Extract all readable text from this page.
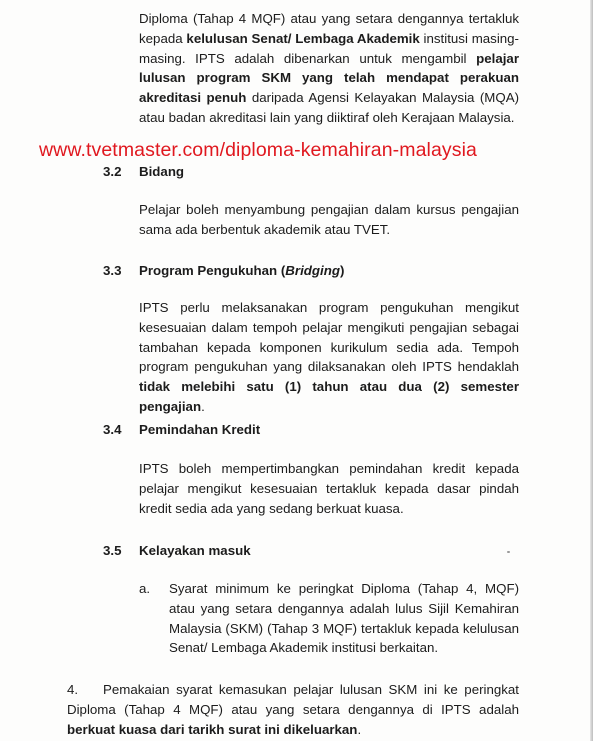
Diploma (Tahap 4 MQF) atau yang setara dengannya tertakluk kepada kelulusan Senat/ Lembaga Akademik institusi masing-masing. IPTS adalah dibenarkan untuk mengambil pelajar lulusan program SKM yang telah mendapat perakuan akreditasi penuh daripada Agensi Kelayakan Malaysia (MQA) atau badan akreditasi lain yang diiktiraf oleh Kerajaan Malaysia.

www.tvetmaster.com/diploma-kemahiran-malaysia
3.2	Bidang

Pelajar boleh menyambung pengajian dalam kursus pengajian sama ada berbentuk akademik atau TVET.

3.3	Program Pengukuhan (Bridging)

IPTS perlu melaksanakan program pengukuhan mengikut kesesuaian dalam tempoh pelajar mengikuti pengajian sebagai tambahan kepada komponen kurikulum sedia ada. Tempoh program pengukuhan yang dilaksanakan oleh IPTS hendaklah tidak melebihi satu (1) tahun atau dua (2) semester pengajian.

3.4	Pemindahan Kredit

IPTS boleh mempertimbangkan pemindahan kredit kepada pelajar mengikut kesesuaian tertakluk kepada dasar pindah kredit sedia ada yang sedang berkuat kuasa.

3.5	Kelayakan masuk
a.	Syarat minimum ke peringkat Diploma (Tahap 4, MQF) atau yang setara dengannya adalah lulus Sijil Kemahiran Malaysia (SKM) (Tahap 3 MQF) tertakluk kepada kelulusan Senat/ Lembaga Akademik institusi berkaitan.

4. Pemakaian syarat kemasukan pelajar lulusan SKM ini ke peringkat Diploma (Tahap 4 MQF) atau yang setara dengannya di IPTS adalah berkuat kuasa dari tarikh surat ini dikeluarkan.
